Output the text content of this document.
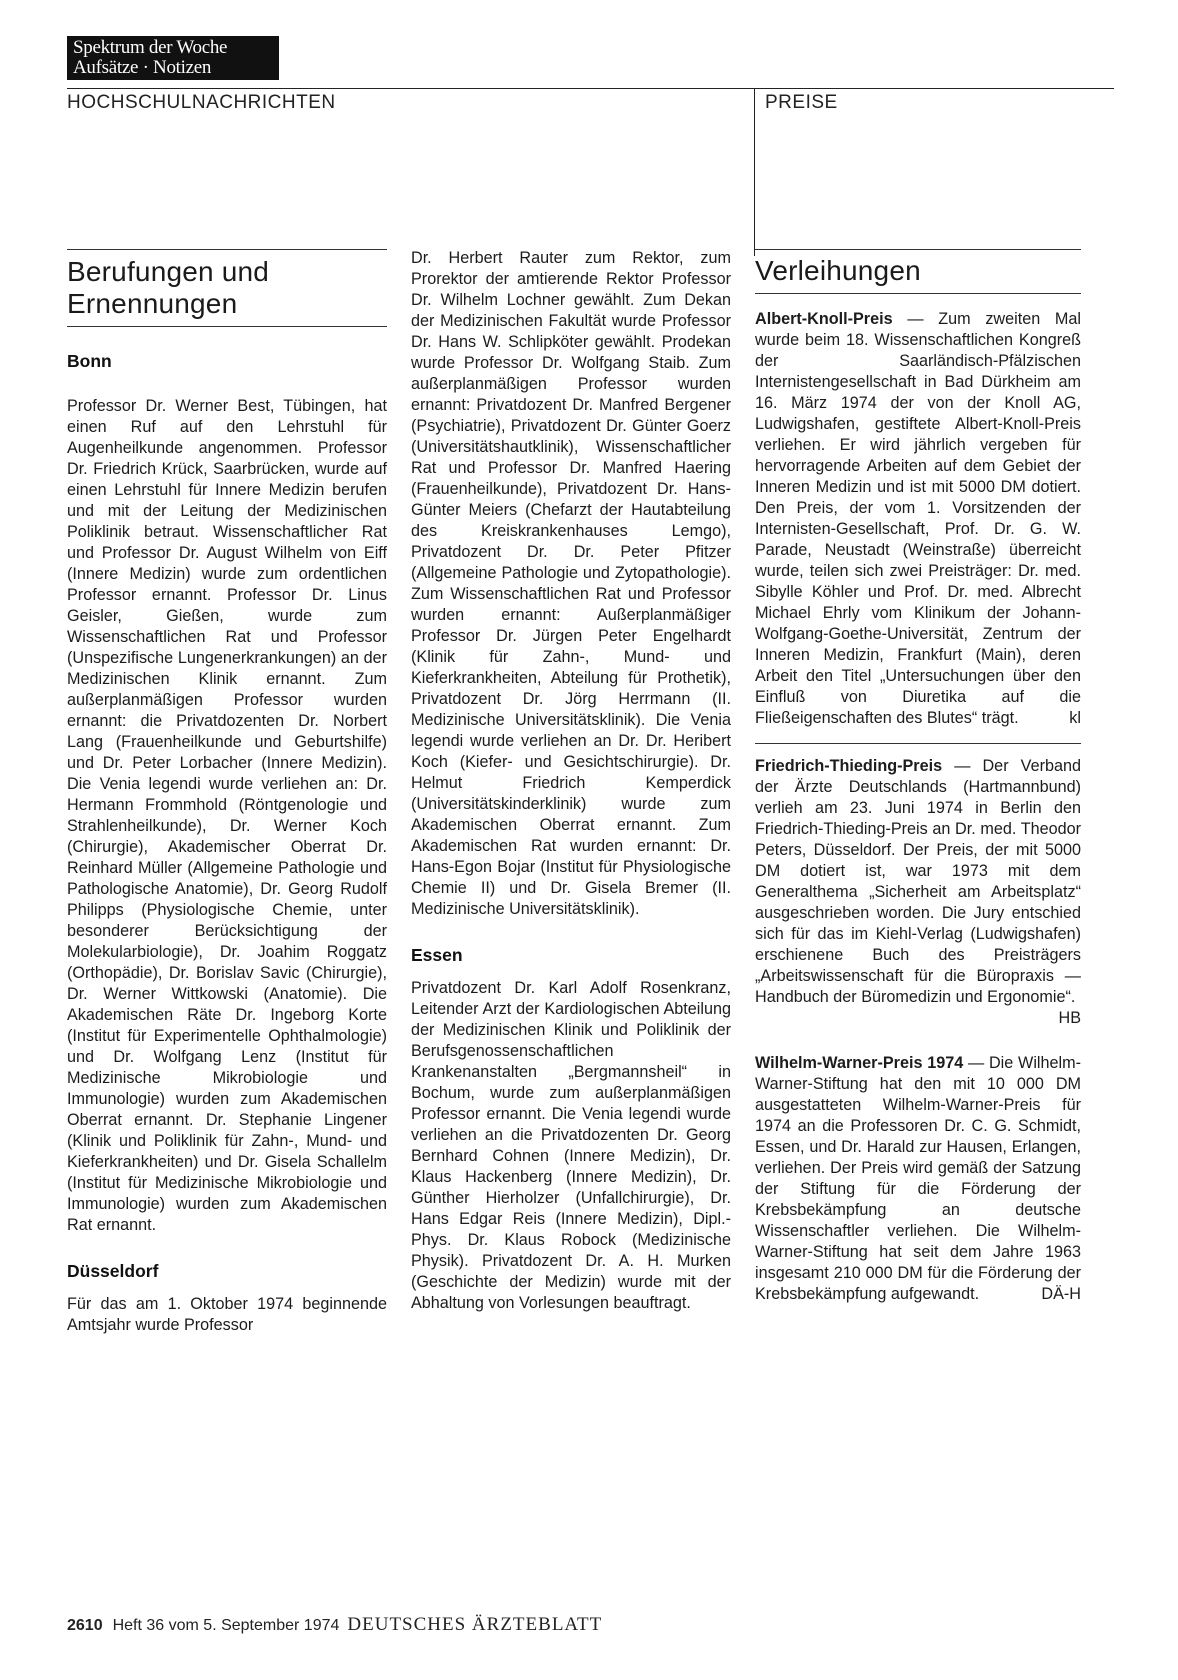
Spektrum der Woche
Aufsätze · Notizen
HOCHSCHULNACHRICHTEN	PREISE
Berufungen und
Ernennungen
Bonn

Professor Dr. Werner Best, Tübingen, hat einen Ruf auf den Lehrstuhl für Augenheilkunde angenommen. Professor Dr. Friedrich Krück, Saarbrücken, wurde auf einen Lehrstuhl für Innere Medizin berufen und mit der Leitung der Medizinischen Poliklinik betraut. Wissenschaftlicher Rat und Professor Dr. August Wilhelm von Eiff (Innere Medizin) wurde zum ordentlichen Professor ernannt. Professor Dr. Linus Geisler, Gießen, wurde zum Wissenschaftlichen Rat und Professor (Unspezifische Lungenerkrankungen) an der Medizinischen Klinik ernannt. Zum außerplanmäßigen Professor wurden ernannt: die Privatdozenten Dr. Norbert Lang (Frauenheilkunde und Geburtshilfe) und Dr. Peter Lorbacher (Innere Medizin). Die Venia legendi wurde verliehen an: Dr. Hermann Frommhold (Röntgenologie und Strahlenheilkunde), Dr. Werner Koch (Chirurgie), Akademischer Oberrat Dr. Reinhard Müller (Allgemeine Pathologie und Pathologische Anatomie), Dr. Georg Rudolf Philipps (Physiologische Chemie, unter besonderer Berücksichtigung der Molekularbiologie), Dr. Joahim Roggatz (Orthopädie), Dr. Borislav Savic (Chirurgie), Dr. Werner Wittkowski (Anatomie). Die Akademischen Räte Dr. Ingeborg Korte (Institut für Experimentelle Ophthalmologie) und Dr. Wolfgang Lenz (Institut für Medizinische Mikrobiologie und Immunologie) wurden zum Akademischen Oberrat ernannt. Dr. Stephanie Lingener (Klinik und Poliklinik für Zahn-, Mund- und Kieferkrankheiten) und Dr. Gisela Schallelm (Institut für Medizinische Mikrobiologie und Immunologie) wurden zum Akademischen Rat ernannt.

Düsseldorf

Für das am 1. Oktober 1974 beginnende Amtsjahr wurde Professor

Dr. Herbert Rauter zum Rektor, zum Prorektor der amtierende Rektor Professor Dr. Wilhelm Lochner gewählt. Zum Dekan der Medizinischen Fakultät wurde Professor Dr. Hans W. Schlipköter gewählt. Prodekan wurde Professor Dr. Wolfgang Staib. Zum außerplanmäßigen Professor wurden ernannt: Privatdozent Dr. Manfred Bergener (Psychiatrie), Privatdozent Dr. Günter Goerz (Universitätshautklinik), Wissenschaftlicher Rat und Professor Dr. Manfred Haering (Frauenheilkunde), Privatdozent Dr. Hans-Günter Meiers (Chefarzt der Hautabteilung des Kreiskrankenhauses Lemgo), Privatdozent Dr. Dr. Peter Pfitzer (Allgemeine Pathologie und Zytopathologie). Zum Wissenschaftlichen Rat und Professor wurden ernannt: Außerplanmäßiger Professor Dr. Jürgen Peter Engelhardt (Klinik für Zahn-, Mund- und Kieferkrankheiten, Abteilung für Prothetik), Privatdozent Dr. Jörg Herrmann (II. Medizinische Universitätsklinik). Die Venia legendi wurde verliehen an Dr. Dr. Heribert Koch (Kiefer- und Gesichtschirurgie). Dr. Helmut Friedrich Kemperdick (Universitätskinderklinik) wurde zum Akademischen Oberrat ernannt. Zum Akademischen Rat wurden ernannt: Dr. Hans-Egon Bojar (Institut für Physiologische Chemie II) und Dr. Gisela Bremer (II. Medizinische Universitätsklinik).

Essen

Privatdozent Dr. Karl Adolf Rosenkranz, Leitender Arzt der Kardiologischen Abteilung der Medizinischen Klinik und Poliklinik der Berufsgenossenschaftlichen Krankenanstalten „Bergmannsheil“ in Bochum, wurde zum außerplanmäßigen Professor ernannt. Die Venia legendi wurde verliehen an die Privatdozenten Dr. Georg Bernhard Cohnen (Innere Medizin), Dr. Klaus Hackenberg (Innere Medizin), Dr. Günther Hierholzer (Unfallchirurgie), Dr. Hans Edgar Reis (Innere Medizin), Dipl.-Phys. Dr. Klaus Robock (Medizinische Physik). Privatdozent Dr. A. H. Murken (Geschichte der Medizin) wurde mit der Abhaltung von Vorlesungen beauftragt.

Verleihungen

Albert-Knoll-Preis — Zum zweiten Mal wurde beim 18. Wissenschaftlichen Kongreß der Saarländisch-Pfälzischen Internistengesellschaft in Bad Dürkheim am 16. März 1974 der von der Knoll AG, Ludwigshafen, gestiftete Albert-Knoll-Preis verliehen. Er wird jährlich vergeben für hervorragende Arbeiten auf dem Gebiet der Inneren Medizin und ist mit 5000 DM dotiert. Den Preis, der vom 1. Vorsitzenden der Internisten-Gesellschaft, Prof. Dr. G. W. Parade, Neustadt (Weinstraße) überreicht wurde, teilen sich zwei Preisträger: Dr. med. Sibylle Köhler und Prof. Dr. med. Albrecht Michael Ehrly vom Klinikum der Johann-Wolfgang-Goethe-Universität, Zentrum der Inneren Medizin, Frankfurt (Main), deren Arbeit den Titel „Untersuchungen über den Einfluß von Diuretika auf die Fließeigenschaften des Blutes“ trägt.	kl

Friedrich-Thieding-Preis — Der Verband der Ärzte Deutschlands (Hartmannbund) verlieh am 23. Juni 1974 in Berlin den Friedrich-Thieding-Preis an Dr. med. Theodor Peters, Düsseldorf. Der Preis, der mit 5000 DM dotiert ist, war 1973 mit dem Generalthema „Sicherheit am Arbeitsplatz“ ausgeschrieben worden. Die Jury entschied sich für das im Kiehl-Verlag (Ludwigshafen) erschienene Buch des Preisträgers „Arbeitswissenschaft für die Büropraxis — Handbuch der Büromedizin und Ergonomie“.
HB

Wilhelm-Warner-Preis 1974 — Die Wilhelm-Warner-Stiftung hat den mit 10 000 DM ausgestatteten Wilhelm-Warner-Preis für 1974 an die Professoren Dr. C. G. Schmidt, Essen, und Dr. Harald zur Hausen, Erlangen, verliehen. Der Preis wird gemäß der Satzung der Stiftung für die Förderung der Krebsbekämpfung an deutsche Wissenschaftler verliehen. Die Wilhelm-Warner-Stiftung hat seit dem Jahre 1963 insgesamt 210 000 DM für die Förderung der Krebsbekämpfung aufgewandt.	DÄ-H

2610 Heft 36 vom 5. September 1974 DEUTSCHES ÄRZTEBLATT
